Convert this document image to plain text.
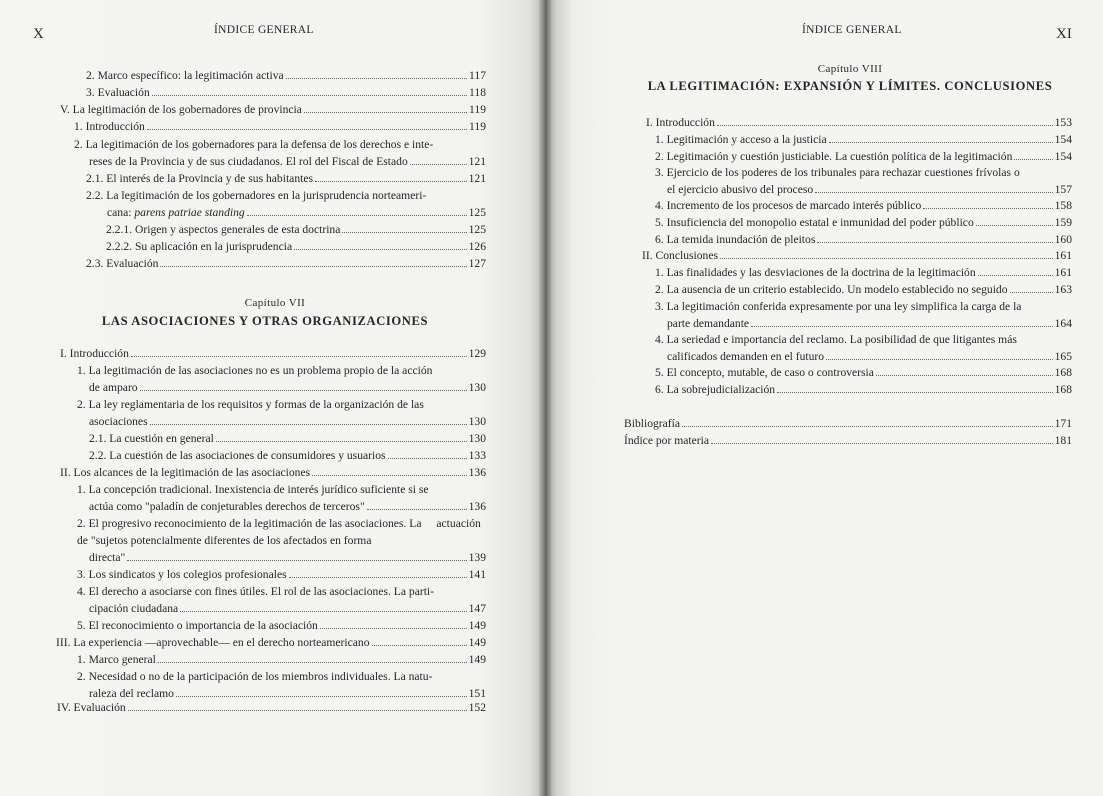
X	ÍNDICE GENERAL
2. Marco específico: la legitimación activa	117
3. Evaluación	118
V. La legitimación de los gobernadores de provincia	119
1. Introducción	119
2. La legitimación de los gobernadores para la defensa de los derechos e inte-
reses de la Provincia y de sus ciudadanos. El rol del Fiscal de Estado	121
2.1. El interés de la Provincia y de sus habitantes	121
2.2. La legitimación de los gobernadores en la jurisprudencia norteameri-
cana: parens patriae standing	125
2.2.1. Origen y aspectos generales de esta doctrina	125
2.2.2. Su aplicación en la jurisprudencia	126
2.3. Evaluación	127
Capítulo VII
LAS ASOCIACIONES Y OTRAS ORGANIZACIONES
I. Introducción	129
1. La legitimación de las asociaciones no es un problema propio de la acción
de amparo	130
2. La ley reglamentaria de los requisitos y formas de la organización de las
asociaciones	130
2.1. La cuestión en general	130
2.2. La cuestión de las asociaciones de consumidores y usuarios	133
II. Los alcances de la legitimación de las asociaciones	136
1. La concepción tradicional. Inexistencia de interés jurídico suficiente si se
actúa como "paladín de conjeturables derechos de terceros"	136
2. El progresivo reconocimiento de la legitimación de las asociaciones. La actuación de "sujetos potencialmente diferentes de los afectados en forma
directa"	139
3. Los sindicatos y los colegios profesionales	141
4. El derecho a asociarse con fines útiles. El rol de las asociaciones. La parti-
cipación ciudadana	147
5. El reconocimiento o importancia de la asociación	149
III. La experiencia —aprovechable— en el derecho norteamericano	149
1. Marco general	149
2. Necesidad o no de la participación de los miembros individuales. La natu-
raleza del reclamo	151
IV. Evaluación	152
ÍNDICE GENERAL	XI
Capítulo VIII
LA LEGITIMACIÓN: EXPANSIÓN Y LÍMITES. CONCLUSIONES
I. Introducción	153
1. Legitimación y acceso a la justicia	154
2. Legitimación y cuestión justiciable. La cuestión política de la legitimación	154
3. Ejercicio de los poderes de los tribunales para rechazar cuestiones frívolas o
el ejercicio abusivo del proceso	157
4. Incremento de los procesos de marcado interés público	158
5. Insuficiencia del monopolio estatal e inmunidad del poder público	159
6. La temida inundación de pleitos	160
II. Conclusiones	161
1. Las finalidades y las desviaciones de la doctrina de la legitimación	161
2. La ausencia de un criterio establecido. Un modelo establecido no seguido	163
3. La legitimación conferida expresamente por una ley simplifica la carga de la
parte demandante	164
4. La seriedad e importancia del reclamo. La posibilidad de que litigantes más
calificados demanden en el futuro	165
5. El concepto, mutable, de caso o controversia	168
6. La sobrejudicialización	168
Bibliografía	171
Índice por materia	181
